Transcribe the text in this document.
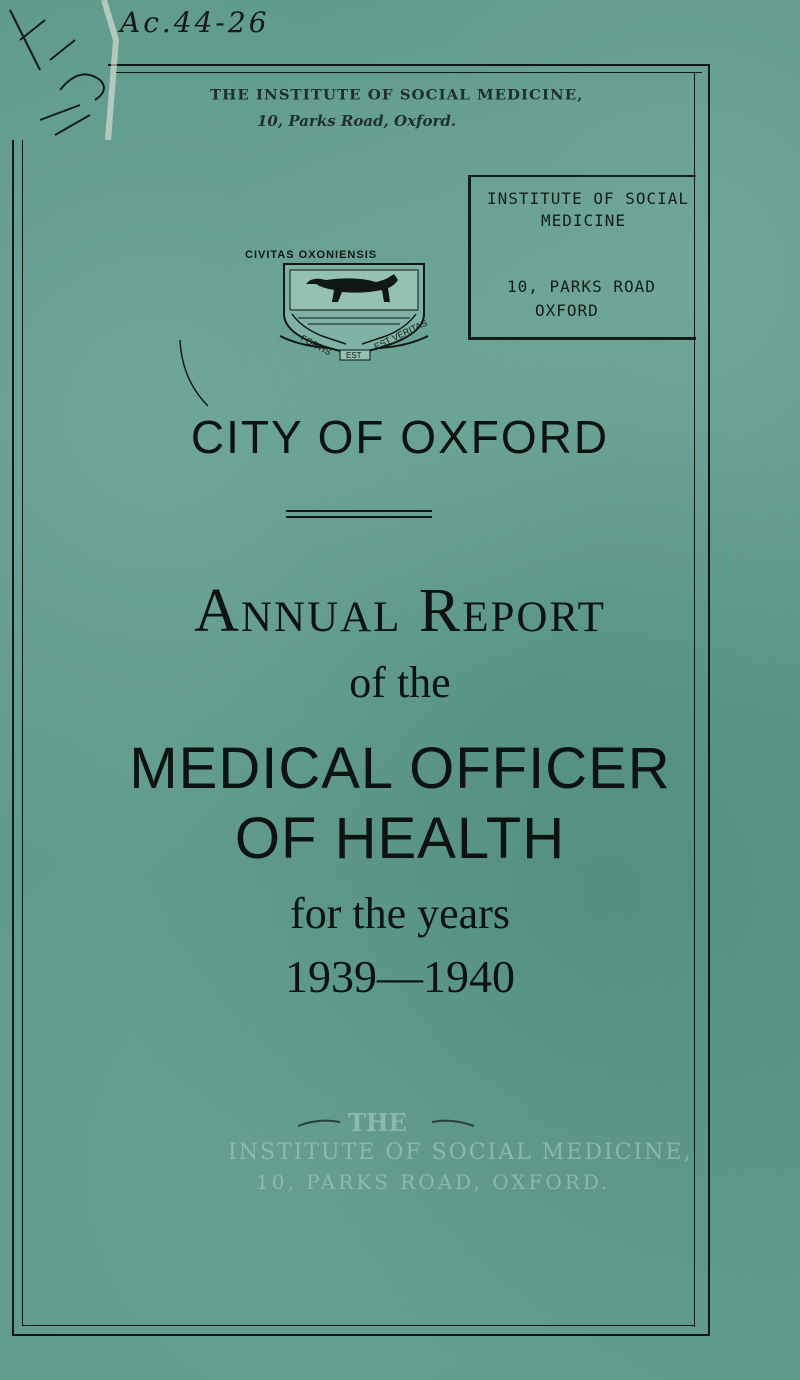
Ac.44-26
THE INSTITUTE OF SOCIAL MEDICINE,
10, Parks Road, Oxford.
CIVITAS OXONIENSIS
FORTIS	EST VERITAS
EST
INSTITUTE OF SOCIAL
MEDICINE
10, PARKS ROAD
OXFORD
CITY OF OXFORD
Annual Report
of the
MEDICAL OFFICER
OF HEALTH
for the years
1939—1940
THE
INSTITUTE OF SOCIAL MEDICINE,
10, PARKS ROAD, OXFORD.
